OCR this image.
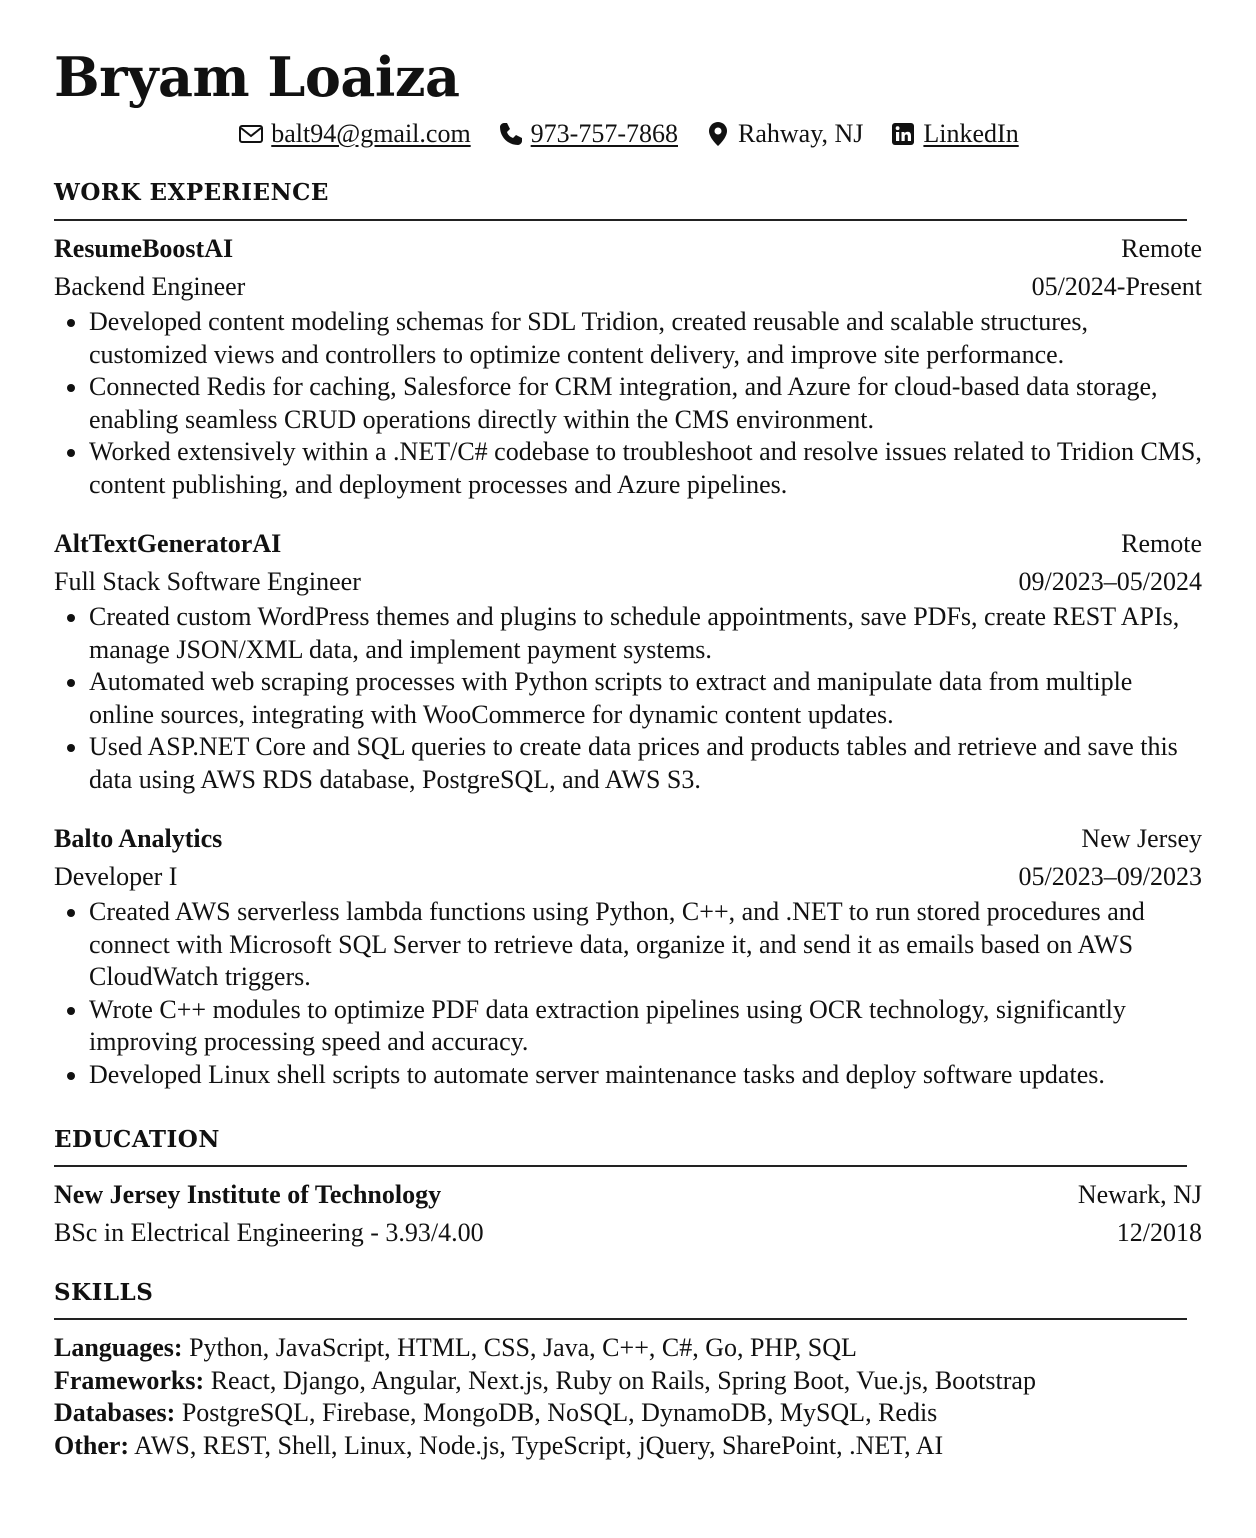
Bryam Loaiza
balt94@gmail.com 973-757-7868 Rahway, NJ LinkedIn
WORK EXPERIENCE
ResumeBoostAI	Remote
Backend Engineer	05/2024-Present
Developed content modeling schemas for SDL Tridion, created reusable and scalable structures, customized views and controllers to optimize content delivery, and improve site performance.
Connected Redis for caching, Salesforce for CRM integration, and Azure for cloud-based data storage, enabling seamless CRUD operations directly within the CMS environment.
Worked extensively within a .NET/C# codebase to troubleshoot and resolve issues related to Tridion CMS, content publishing, and deployment processes and Azure pipelines.
AltTextGeneratorAI	Remote
Full Stack Software Engineer	09/2023–05/2024
Created custom WordPress themes and plugins to schedule appointments, save PDFs, create REST APIs, manage JSON/XML data, and implement payment systems.
Automated web scraping processes with Python scripts to extract and manipulate data from multiple online sources, integrating with WooCommerce for dynamic content updates.
Used ASP.NET Core and SQL queries to create data prices and products tables and retrieve and save this data using AWS RDS database, PostgreSQL, and AWS S3.
Balto Analytics	New Jersey
Developer I	05/2023–09/2023
Created AWS serverless lambda functions using Python, C++, and .NET to run stored procedures and connect with Microsoft SQL Server to retrieve data, organize it, and send it as emails based on AWS CloudWatch triggers.
Wrote C++ modules to optimize PDF data extraction pipelines using OCR technology, significantly improving processing speed and accuracy.
Developed Linux shell scripts to automate server maintenance tasks and deploy software updates.
EDUCATION
New Jersey Institute of Technology	Newark, NJ
BSc in Electrical Engineering - 3.93/4.00	12/2018
SKILLS
Languages: Python, JavaScript, HTML, CSS, Java, C++, C#, Go, PHP, SQL
Frameworks: React, Django, Angular, Next.js, Ruby on Rails, Spring Boot, Vue.js, Bootstrap
Databases: PostgreSQL, Firebase, MongoDB, NoSQL, DynamoDB, MySQL, Redis
Other: AWS, REST, Shell, Linux, Node.js, TypeScript, jQuery, SharePoint, .NET, AI
